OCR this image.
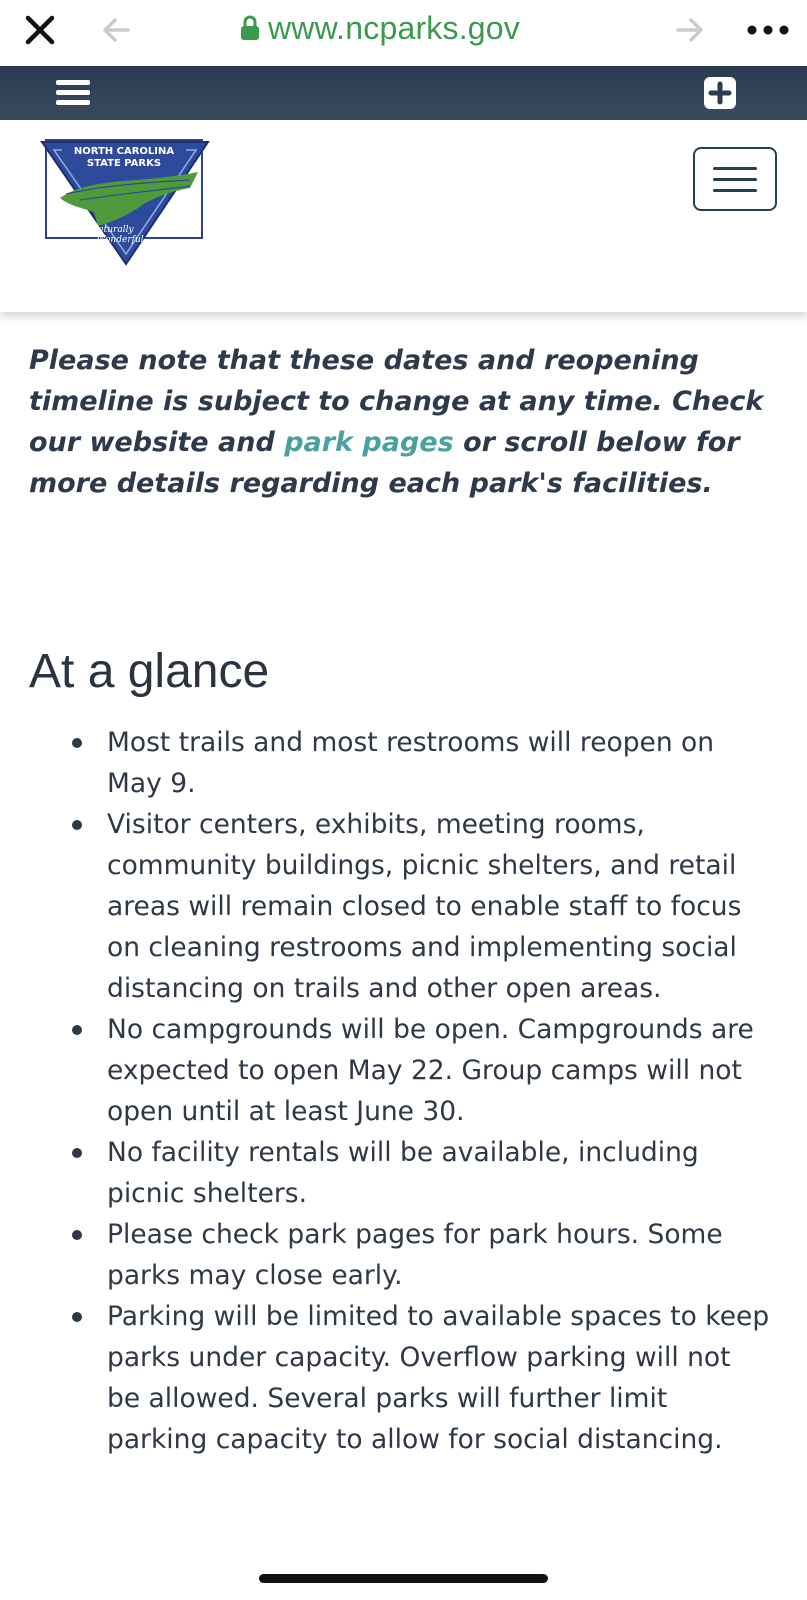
www.ncparks.gov
NORTH CAROLINA
STATE PARKS
Naturally
Wonderful

Please note that these dates and reopening timeline is subject to change at any time. Check our website and park pages or scroll below for more details regarding each park's facilities.

At a glance
Most trails and most restrooms will reopen on May 9.
Visitor centers, exhibits, meeting rooms, community buildings, picnic shelters, and retail areas will remain closed to enable staff to focus on cleaning restrooms and implementing social distancing on trails and other open areas.
No campgrounds will be open. Campgrounds are expected to open May 22. Group camps will not open until at least June 30.
No facility rentals will be available, including picnic shelters.
Please check park pages for park hours. Some parks may close early.
Parking will be limited to available spaces to keep parks under capacity. Overflow parking will not be allowed. Several parks will further limit parking capacity to allow for social distancing.
